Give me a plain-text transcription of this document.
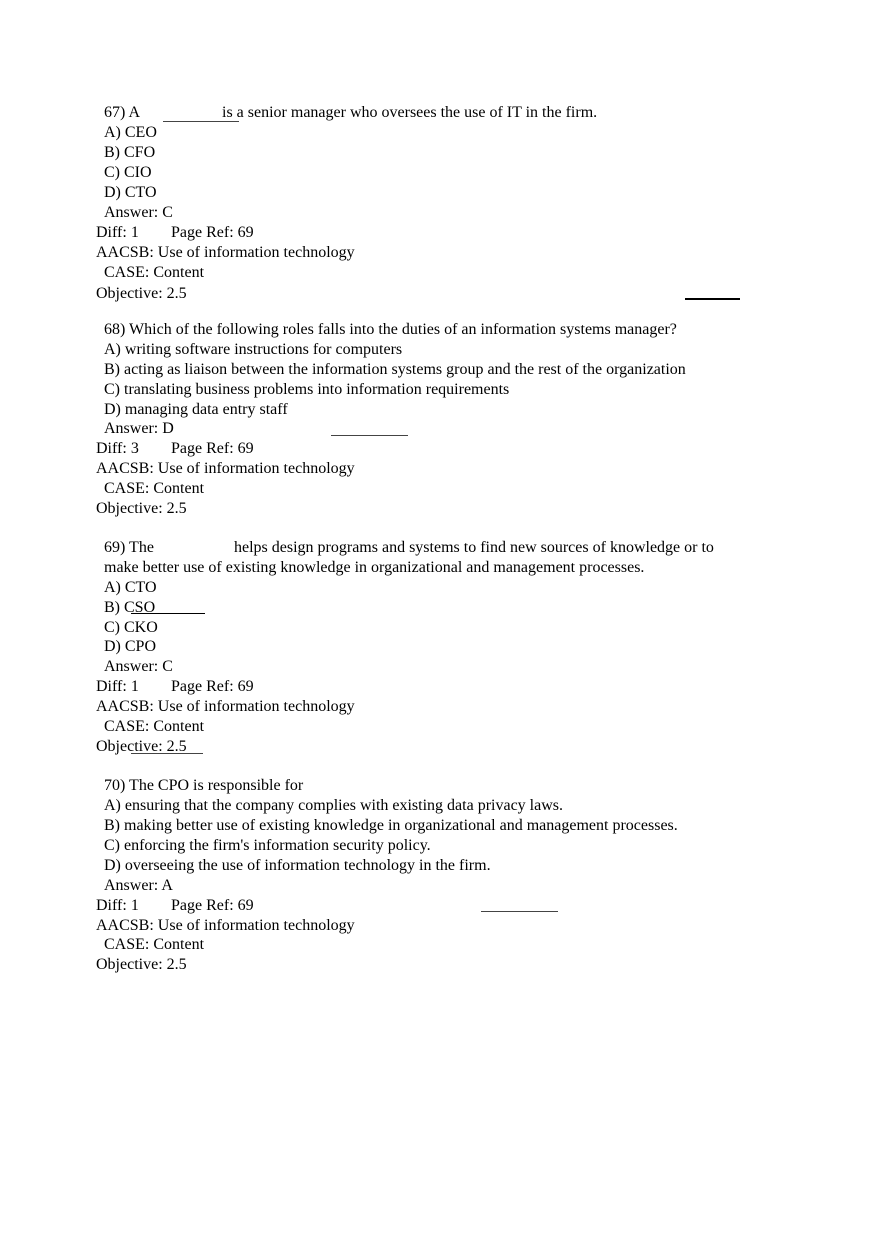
67) A	is a senior manager who oversees the use of IT in the firm.
A) CEO
B) CFO
C) CIO
D) CTO
Answer: C
Diff: 1 Page Ref: 69
AACSB: Use of information technology
CASE: Content
Objective: 2.5
68) Which of the following roles falls into the duties of an information systems manager?
A) writing software instructions for computers
B) acting as liaison between the information systems group and the rest of the organization
C) translating business problems into information requirements
D) managing data entry staff
Answer: D
Diff: 3 Page Ref: 69
AACSB: Use of information technology
CASE: Content
Objective: 2.5
69) The	helps design programs and systems to find new sources of knowledge or to
make better use of existing knowledge in organizational and management processes.
A) CTO
B) CSO
C) CKO
D) CPO
Answer: C
Diff: 1 Page Ref: 69
AACSB: Use of information technology
CASE: Content
Objective: 2.5
70) The CPO is responsible for
A) ensuring that the company complies with existing data privacy laws.
B) making better use of existing knowledge in organizational and management processes.
C) enforcing the firm's information security policy.
D) overseeing the use of information technology in the firm.
Answer: A
Diff: 1 Page Ref: 69
AACSB: Use of information technology
CASE: Content
Objective: 2.5
